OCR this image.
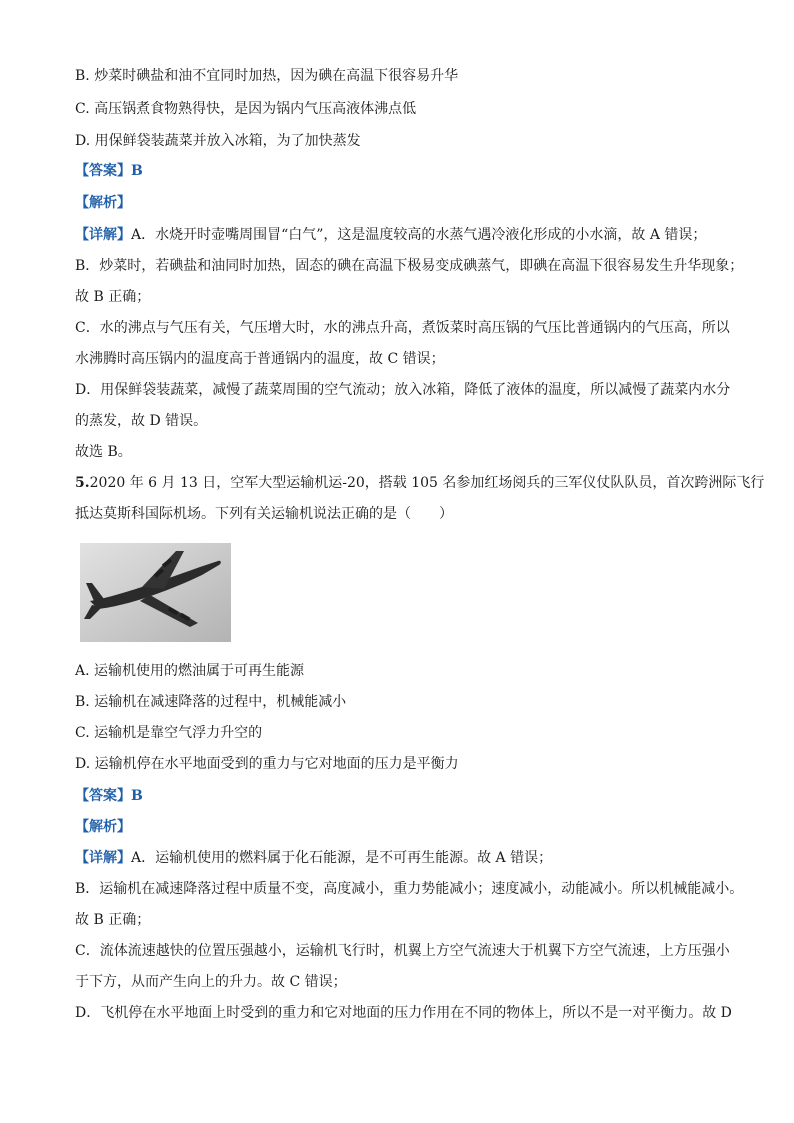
B. 炒菜时碘盐和油不宜同时加热，因为碘在高温下很容易升华
C. 高压锅煮食物熟得快，是因为锅内气压高液体沸点低
D. 用保鲜袋装蔬菜并放入冰箱，为了加快蒸发
【答案】B
【解析】
【详解】A．水烧开时壶嘴周围冒“白气”，这是温度较高的水蒸气遇冷液化形成的小水滴，故 A 错误；
B．炒菜时，若碘盐和油同时加热，固态的碘在高温下极易变成碘蒸气，即碘在高温下很容易发生升华现象；
故 B 正确；
C．水的沸点与气压有关，气压增大时，水的沸点升高，煮饭菜时高压锅的气压比普通锅内的气压高，所以
水沸腾时高压锅内的温度高于普通锅内的温度，故 C 错误；
D．用保鲜袋装蔬菜，减慢了蔬菜周围的空气流动；放入冰箱，降低了液体的温度，所以减慢了蔬菜内水分
的蒸发，故 D 错误。
故选 B。
5.2020 年 6 月 13 日，空军大型运输机运-20，搭载 105 名参加红场阅兵的三军仪仗队队员，首次跨洲际飞行
抵达莫斯科国际机场。下列有关运输机说法正确的是（　　）
A. 运输机使用的燃油属于可再生能源
B. 运输机在减速降落的过程中，机械能减小
C. 运输机是靠空气浮力升空的
D. 运输机停在水平地面受到的重力与它对地面的压力是平衡力
【答案】B
【解析】
【详解】A．运输机使用的燃料属于化石能源，是不可再生能源。故 A 错误；
B．运输机在减速降落过程中质量不变，高度减小，重力势能减小；速度减小，动能减小。所以机械能减小。
故 B 正确；
C．流体流速越快的位置压强越小，运输机飞行时，机翼上方空气流速大于机翼下方空气流速，上方压强小
于下方，从而产生向上的升力。故 C 错误；
D．飞机停在水平地面上时受到的重力和它对地面的压力作用在不同的物体上，所以不是一对平衡力。故 D
